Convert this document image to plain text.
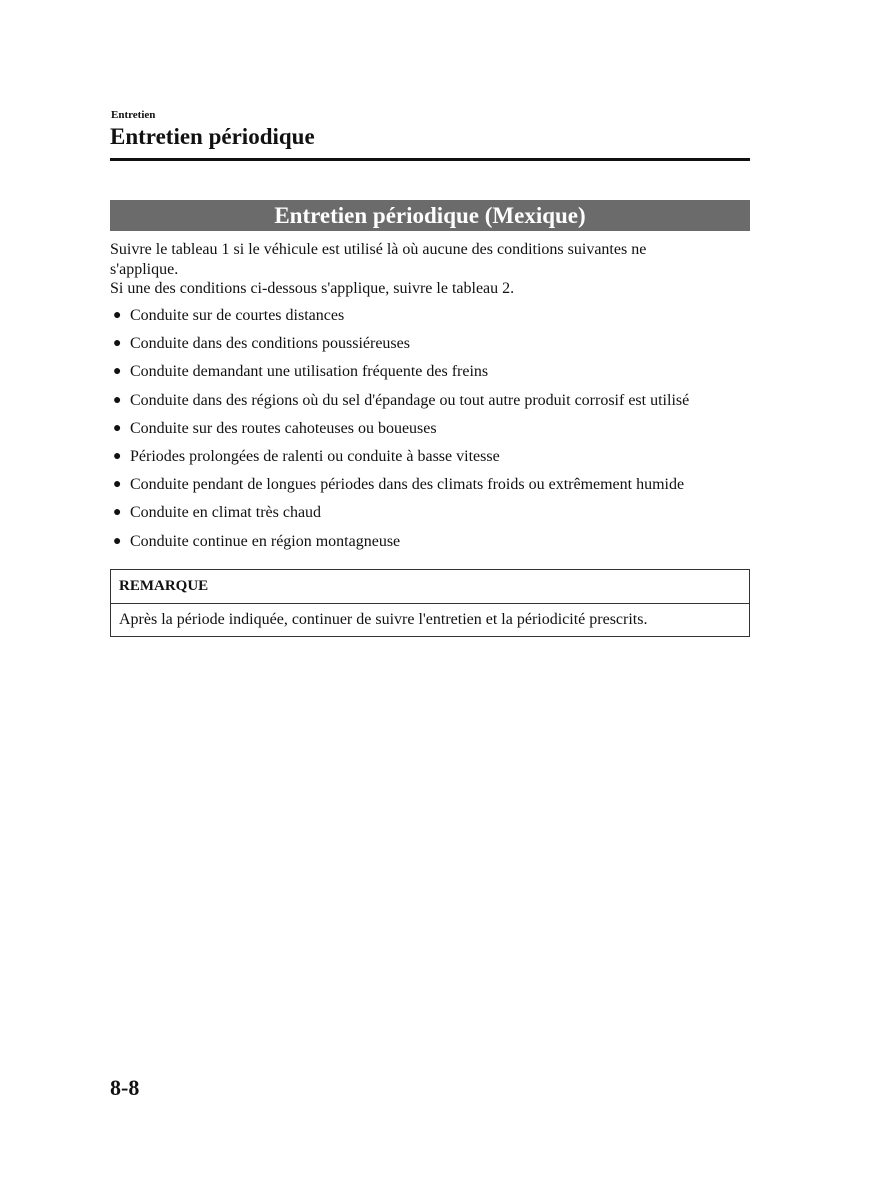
Entretien
Entretien périodique
Entretien périodique (Mexique)

Suivre le tableau 1 si le véhicule est utilisé là où aucune des conditions suivantes ne s'applique.

Si une des conditions ci-dessous s'applique, suivre le tableau 2.

● Conduite sur de courtes distances
● Conduite dans des conditions poussiéreuses
● Conduite demandant une utilisation fréquente des freins
● Conduite dans des régions où du sel d'épandage ou tout autre produit corrosif est utilisé
● Conduite sur des routes cahoteuses ou boueuses
● Périodes prolongées de ralenti ou conduite à basse vitesse
● Conduite pendant de longues périodes dans des climats froids ou extrêmement humide
● Conduite en climat très chaud
● Conduite continue en région montagneuse
REMARQUE
Après la période indiquée, continuer de suivre l'entretien et la périodicité prescrits.
8-8
